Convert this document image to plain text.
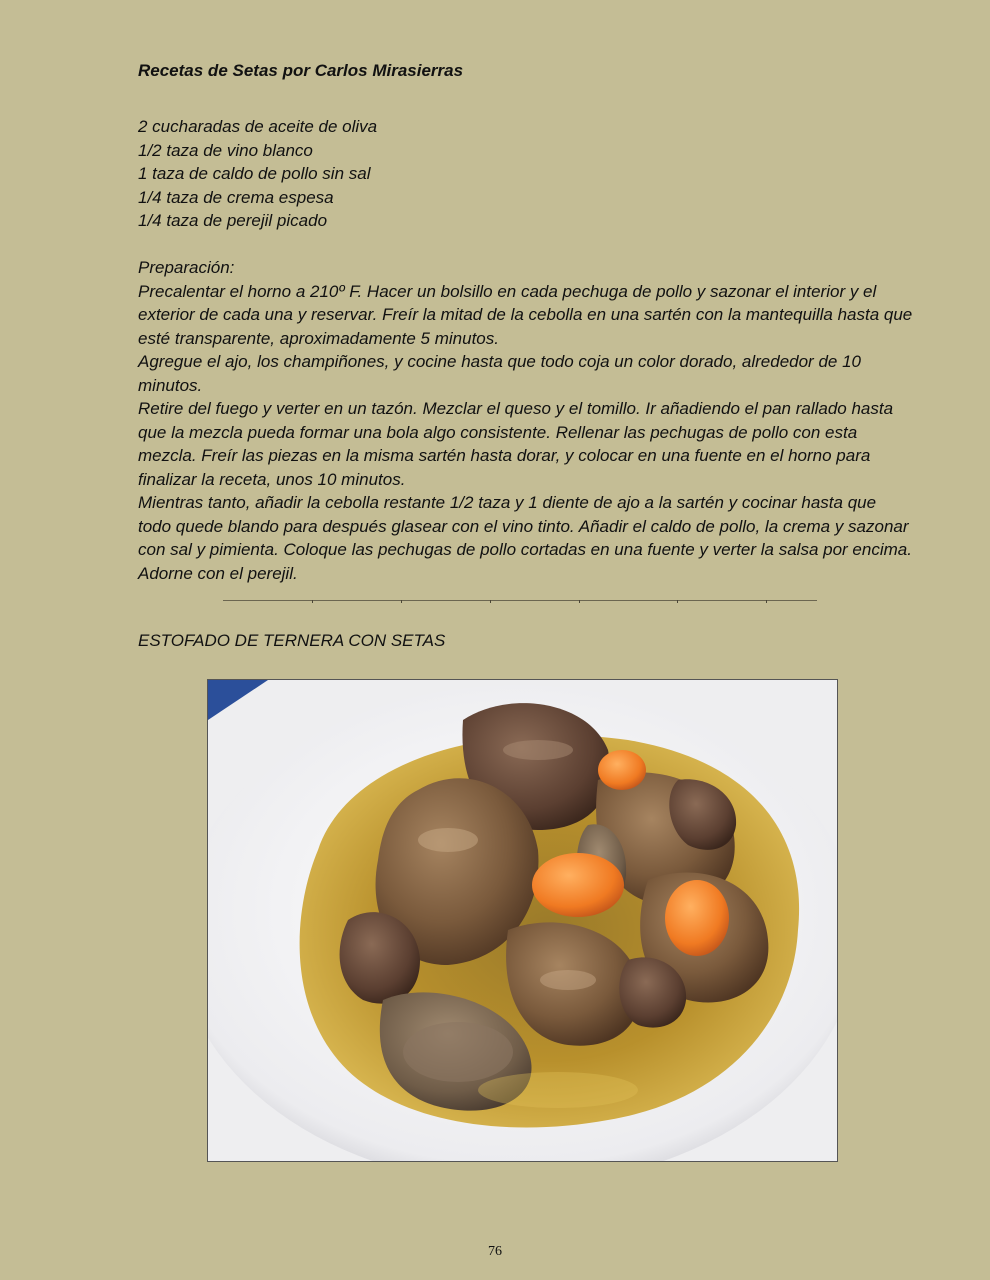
Recetas de Setas por Carlos Mirasierras
2 cucharadas de aceite de oliva
1/2 taza de vino blanco
1 taza de caldo de pollo sin sal
1/4 taza de crema espesa
1/4 taza de perejil picado

Preparación:

Precalentar el horno a 210º F. Hacer un bolsillo en cada pechuga de pollo y sazonar el interior y el exterior de cada una y reservar. Freír la mitad de la cebolla en una sartén con la mantequilla hasta que esté transparente, aproximadamente 5 minutos.

Agregue el ajo, los champiñones, y cocine hasta que todo coja un color dorado, alrededor de 10 minutos.

Retire del fuego y verter en un tazón. Mezclar el queso y el tomillo. Ir añadiendo el pan rallado hasta que la mezcla pueda formar una bola algo consistente. Rellenar las pechugas de pollo con esta mezcla. Freír las piezas en la misma sartén hasta dorar, y colocar en una fuente en el horno para finalizar la receta, unos 10 minutos.

Mientras tanto, añadir la cebolla restante 1/2 taza y 1 diente de ajo a la sartén y cocinar hasta que todo quede blando para después glasear con el vino tinto. Añadir el caldo de pollo, la crema y sazonar con sal y pimienta. Coloque las pechugas de pollo cortadas en una fuente y verter la salsa por encima. Adorne con el perejil.

ESTOFADO DE TERNERA CON SETAS
76
